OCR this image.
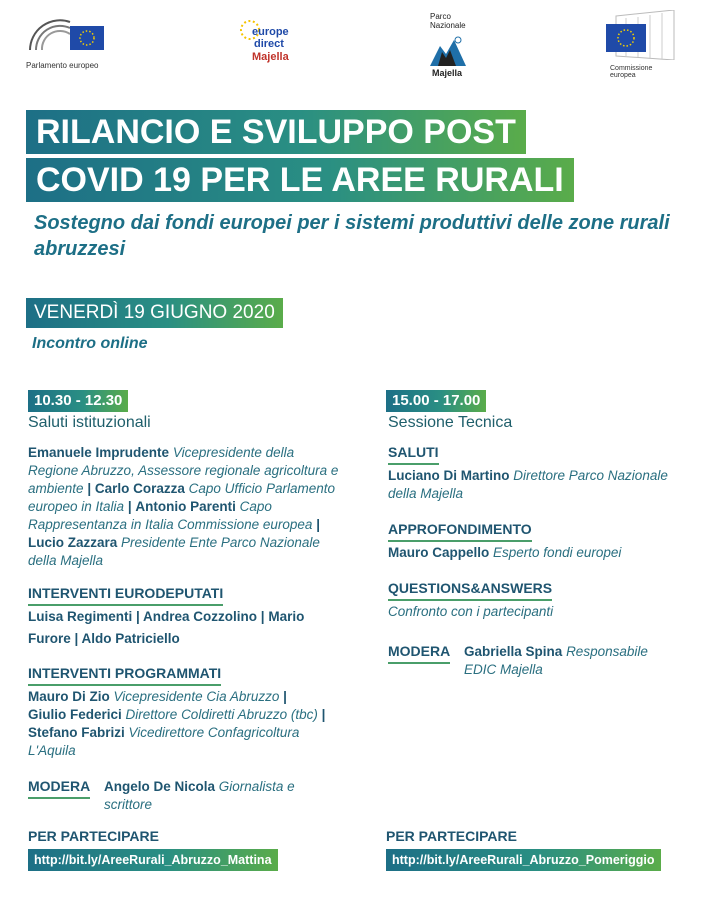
Parlamento europeo
europe
direct
Majella
Parco
Nazionale
Majella	Commissione
europea
RILANCIO E SVILUPPO POST
COVID 19 PER LE AREE RURALI
Sostegno dai fondi europei per i sistemi produttivi delle zone rurali abruzzesi
VENERDÌ 19 GIUGNO 2020
Incontro online
10.30 - 12.30
Saluti istituzionali
Emanuele Imprudente Vicepresidente della Regione Abruzzo, Assessore regionale agricoltura e ambiente | Carlo Corazza Capo Ufficio Parlamento europeo in Italia | Antonio Parenti Capo Rappresentanza in Italia Commissione europea | Lucio Zazzara Presidente Ente Parco Nazionale della Majella
INTERVENTI EURODEPUTATI
Luisa Regimenti | Andrea Cozzolino | Mario
Furore | Aldo Patriciello
INTERVENTI PROGRAMMATI
Mauro Di Zio Vicepresidente Cia Abruzzo | Giulio Federici Direttore Coldiretti Abruzzo (tbc) | Stefano Fabrizi Vicedirettore Confagricoltura L'Aquila
MODERA Angelo De Nicola Giornalista e
scrittore
PER PARTECIPARE
http://bit.ly/AreeRurali_Abruzzo_Mattina
15.00 - 17.00
Sessione Tecnica
SALUTI
Luciano Di Martino Direttore Parco Nazionale
della Majella
APPROFONDIMENTO
Mauro Cappello Esperto fondi europei
QUESTIONS&ANSWERS
Confronto con i partecipanti
MODERA Gabriella Spina Responsabile
EDIC Majella
PER PARTECIPARE
http://bit.ly/AreeRurali_Abruzzo_Pomeriggio
